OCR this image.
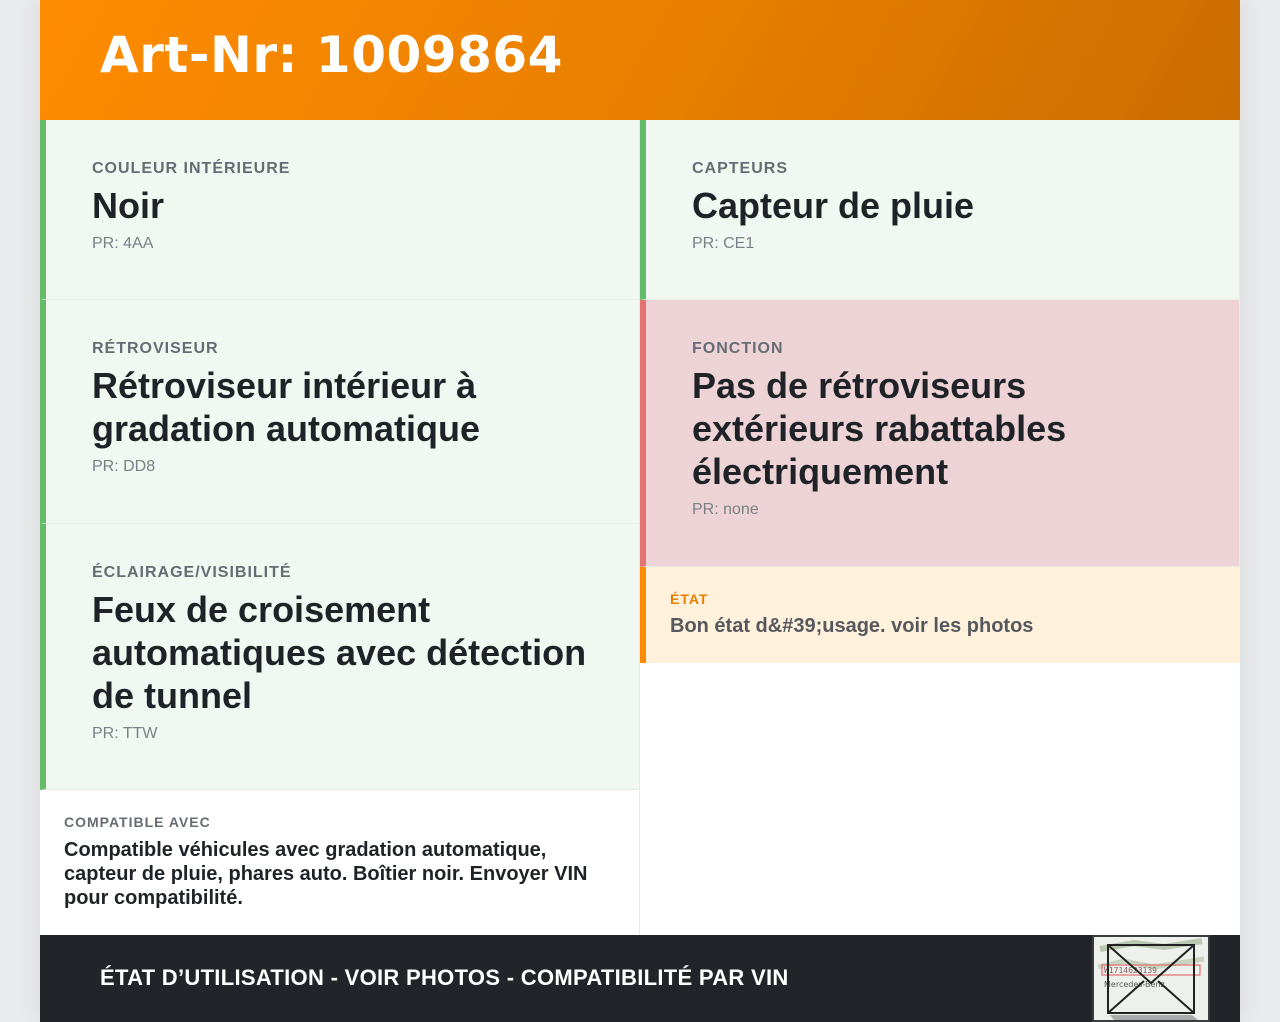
Art-Nr: 1009864
COULEUR INTÉRIEURE
Noir
PR: 4AA
RÉTROVISEUR
Rétroviseur intérieur à gradation automatique
PR: DD8
ÉCLAIRAGE/VISIBILITÉ
Feux de croisement automatiques avec détection de tunnel
PR: TTW
COMPATIBLE AVEC
Compatible véhicules avec gradation automatique, capteur de pluie, phares auto. Boîtier noir. Envoyer VIN pour compatibilité.
CAPTEURS
Capteur de pluie
PR: CE1
FONCTION
Pas de rétroviseurs extérieurs rabattables électriquement
PR: none
ÉTAT
Bon état d&#39;usage. voir les photos
ÉTAT D’UTILISATION - VOIR PHOTOS - COMPATIBILITÉ PAR VIN	W1714623139
Mercedes-Benz
